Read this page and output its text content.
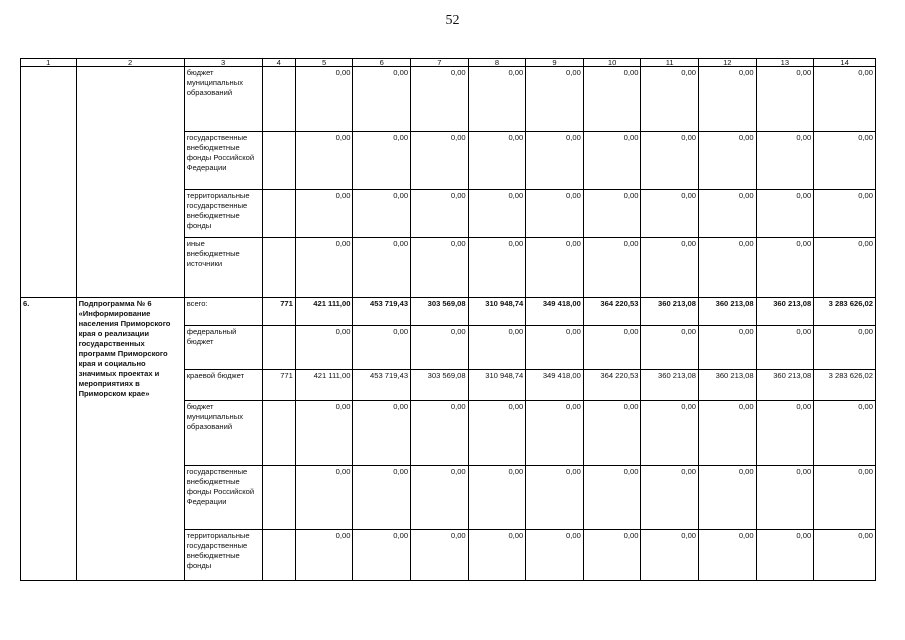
52
1	2	3	4	5	6	7	8	9	10	11	12	13	14
		бюджет муниципальных образований		0,00	0,00	0,00	0,00	0,00	0,00	0,00	0,00	0,00	0,00
		государственные внебюджетные фонды Российской Федерации		0,00	0,00	0,00	0,00	0,00	0,00	0,00	0,00	0,00	0,00
		территориальные государственные внебюджетные фонды		0,00	0,00	0,00	0,00	0,00	0,00	0,00	0,00	0,00	0,00
		иные внебюджетные источники		0,00	0,00	0,00	0,00	0,00	0,00	0,00	0,00	0,00	0,00
6.	Подпрограмма № 6 «Информирование населения Приморского края о реализации государственных программ Приморского края и социально значимых проектах и мероприятиях в Приморском крае»	всего:	771	421 111,00	453 719,43	303 569,08	310 948,74	349 418,00	364 220,53	360 213,08	360 213,08	360 213,08	3 283 626,02
		федеральный бюджет		0,00	0,00	0,00	0,00	0,00	0,00	0,00	0,00	0,00	0,00
		краевой бюджет	771	421 111,00	453 719,43	303 569,08	310 948,74	349 418,00	364 220,53	360 213,08	360 213,08	360 213,08	3 283 626,02
		бюджет муниципальных образований		0,00	0,00	0,00	0,00	0,00	0,00	0,00	0,00	0,00	0,00
		государственные внебюджетные фонды Российской Федерации		0,00	0,00	0,00	0,00	0,00	0,00	0,00	0,00	0,00	0,00
		территориальные государственные внебюджетные фонды		0,00	0,00	0,00	0,00	0,00	0,00	0,00	0,00	0,00	0,00
